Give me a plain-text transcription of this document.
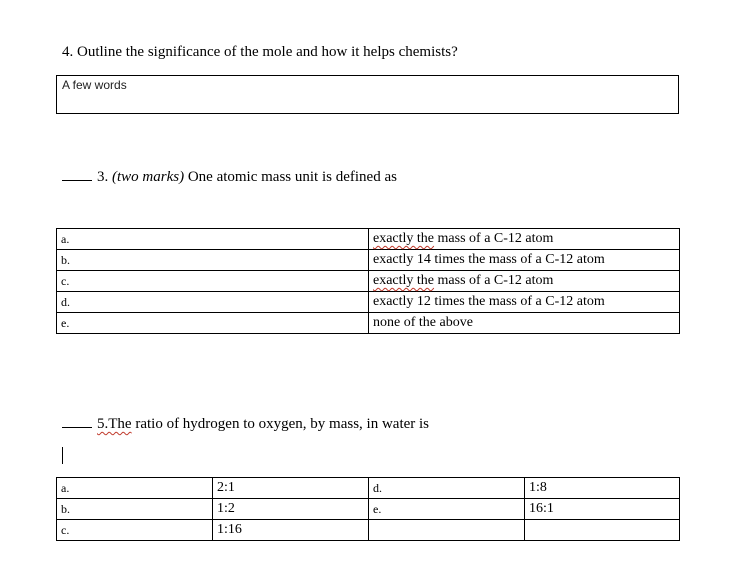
4. Outline the significance of the mole and how it helps chemists?
A few words
3. (two marks) One atomic mass unit is defined as
a.	exactly the mass of a C-12 atom
b.	exactly 14 times the mass of a C-12 atom
c.	exactly the mass of a C-12 atom
d.	exactly 12 times the mass of a C-12 atom
e.	none of the above
5.The ratio of hydrogen to oxygen, by mass, in water is
a.	2:1	d.	1:8
b.	1:2	e.	16:1
c.	1:16		
